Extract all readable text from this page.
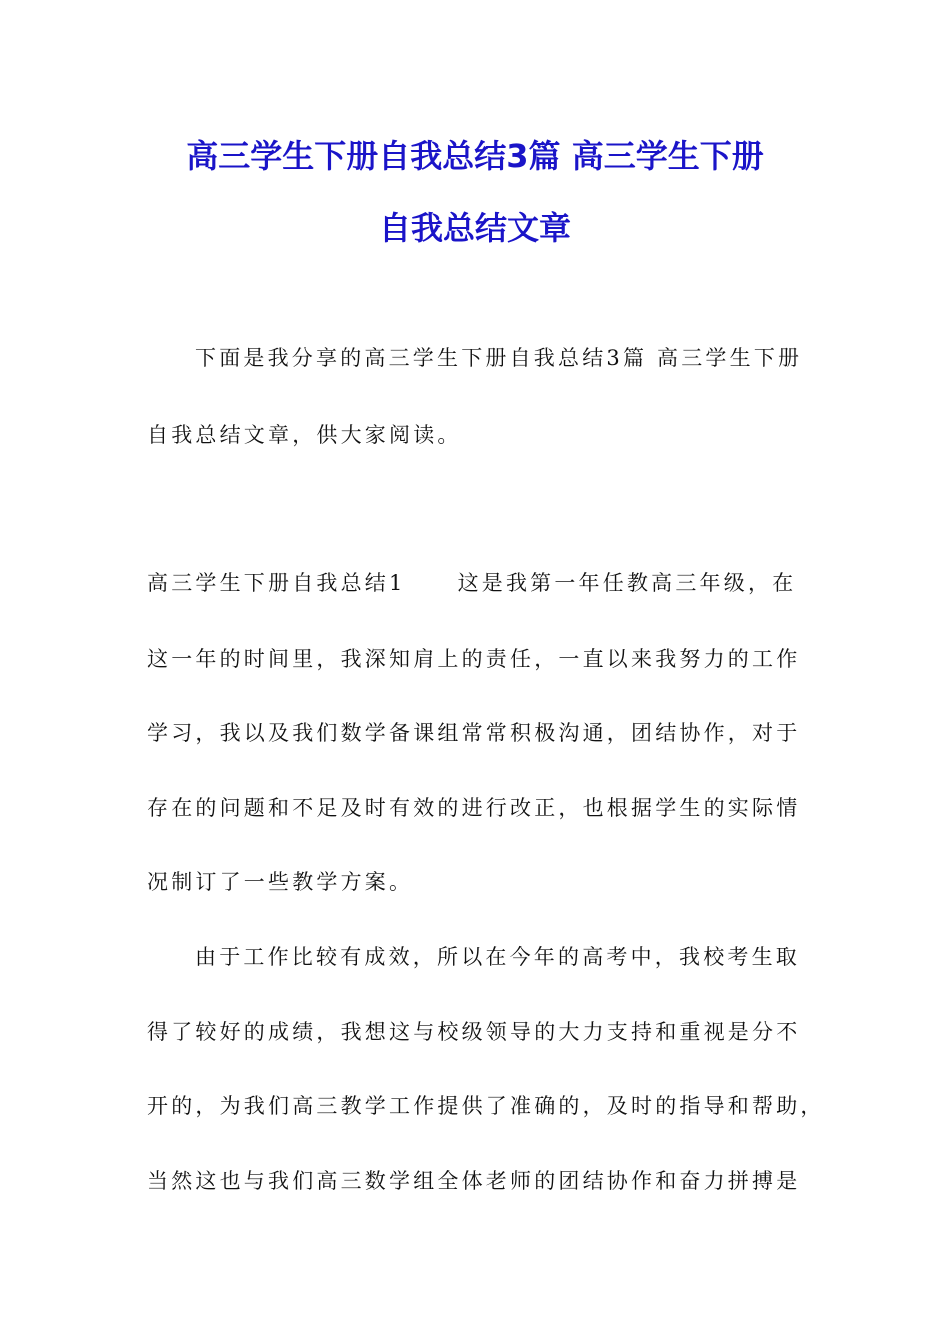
高三学生下册自我总结3篇 高三学生下册
自我总结文章
下面是我分享的高三学生下册自我总结3篇 高三学生下册
自我总结文章，供大家阅读。
高三学生下册自我总结1 这是我第一年任教高三年级，在
这一年的时间里，我深知肩上的责任，一直以来我努力的工作
学习，我以及我们数学备课组常常积极沟通，团结协作，对于
存在的问题和不足及时有效的进行改正，也根据学生的实际情
况制订了一些教学方案。
由于工作比较有成效，所以在今年的高考中，我校考生取
得了较好的成绩，我想这与校级领导的大力支持和重视是分不
开的，为我们高三教学工作提供了准确的，及时的指导和帮助，
当然这也与我们高三数学组全体老师的团结协作和奋力拼搏是
